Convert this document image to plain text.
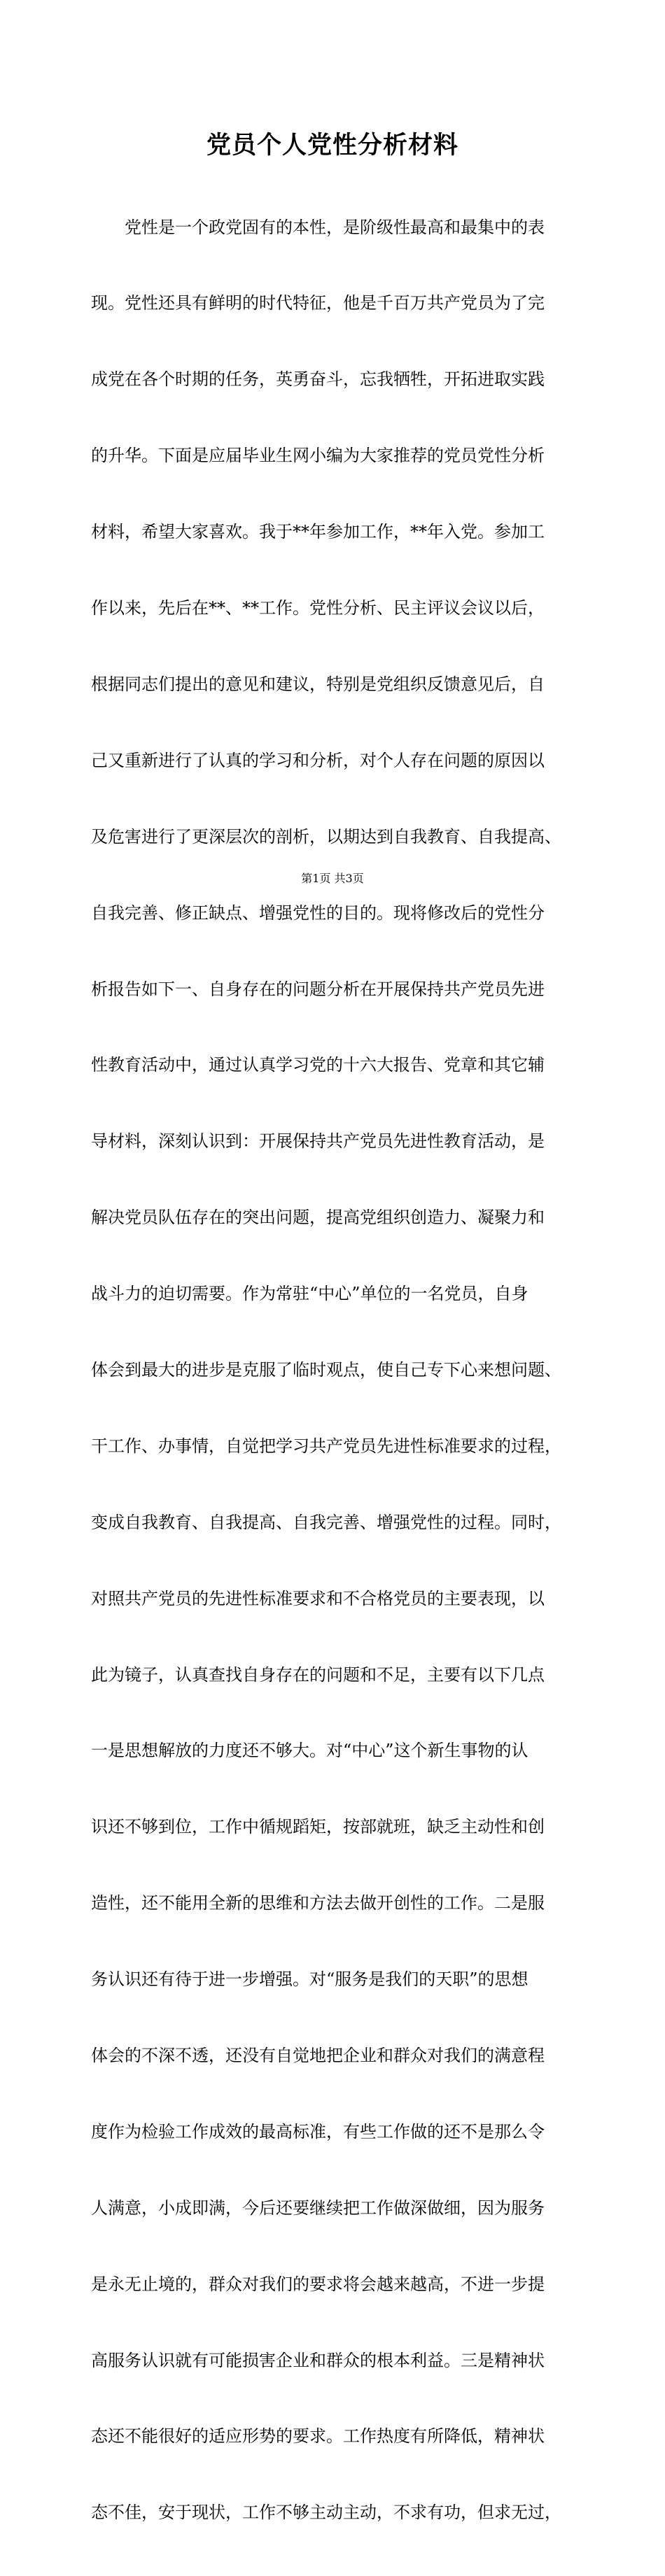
党员个人党性分析材料

　　党性是一个政党固有的本性，是阶级性最高和最集中的表

现。党性还具有鲜明的时代特征，他是千百万共产党员为了完

成党在各个时期的任务，英勇奋斗，忘我牺牲，开拓进取实践

的升华。下面是应届毕业生网小编为大家推荐的党员党性分析

材料，希望大家喜欢。我于**年参加工作，**年入党。参加工

作以来，先后在**、**工作。党性分析、民主评议会议以后，

根据同志们提出的意见和建议，特别是党组织反馈意见后，自

己又重新进行了认真的学习和分析，对个人存在问题的原因以

及危害进行了更深层次的剖析，以期达到自我教育、自我提高、

自我完善、修正缺点、增强党性的目的。现将修改后的党性分

析报告如下一、自身存在的问题分析在开展保持共产党员先进

性教育活动中，通过认真学习党的十六大报告、党章和其它辅

导材料，深刻认识到：开展保持共产党员先进性教育活动，是

解决党员队伍存在的突出问题，提高党组织创造力、凝聚力和

战斗力的迫切需要。作为常驻“中心”单位的一名党员，自身

体会到最大的进步是克服了临时观点，使自己专下心来想问题、

干工作、办事情，自觉把学习共产党员先进性标准要求的过程，

变成自我教育、自我提高、自我完善、增强党性的过程。同时，

对照共产党员的先进性标准要求和不合格党员的主要表现，以

此为镜子，认真查找自身存在的问题和不足，主要有以下几点

一是思想解放的力度还不够大。对“中心”这个新生事物的认

识还不够到位，工作中循规蹈矩，按部就班，缺乏主动性和创

造性，还不能用全新的思维和方法去做开创性的工作。二是服

务认识还有待于进一步增强。对“服务是我们的天职”的思想

体会的不深不透，还没有自觉地把企业和群众对我们的满意程

度作为检验工作成效的最高标准，有些工作做的还不是那么令

人满意，小成即满，今后还要继续把工作做深做细，因为服务

是永无止境的，群众对我们的要求将会越来越高，不进一步提

高服务认识就有可能损害企业和群众的根本利益。三是精神状

态还不能很好的适应形势的要求。工作热度有所降低，精神状

态不佳，安于现状，工作不够主动主动，不求有功，但求无过，

第1页 共3页
